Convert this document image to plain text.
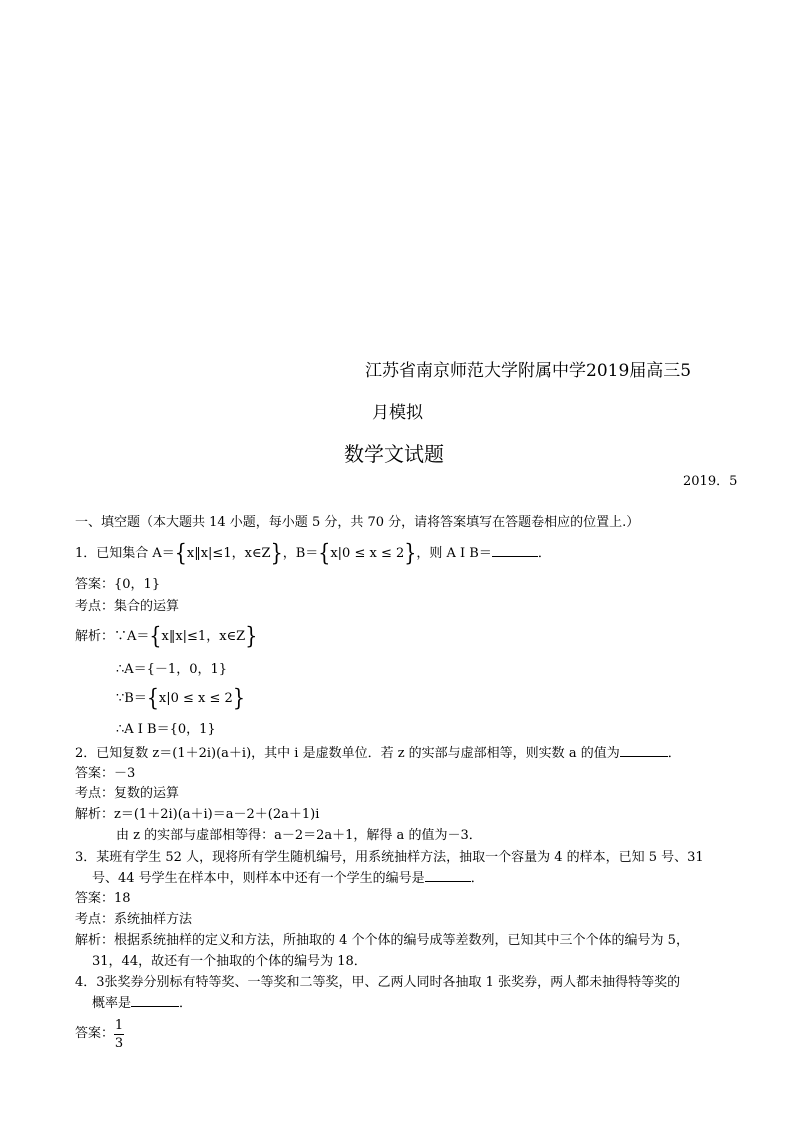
江苏省南京师范大学附属中学2019届高三5
月模拟
数学文试题
2019．5
一、填空题（本大题共 14 小题，每小题 5 分，共 70 分，请将答案填写在答题卷相应的位置上.）
1．已知集合 A＝{x‖x|≤1，x∈Z}，B＝{x|0 ≤ x ≤ 2}，则 A I B＝	．
答案：{0，1}
考点：集合的运算
解析：∵A＝{x‖x|≤1，x∈Z}
∴A＝{－1，0，1}
∵B＝{x|0 ≤ x ≤ 2}
∴A I B＝{0，1}
2．已知复数 z＝(1＋2i)(a＋i)，其中 i 是虚数单位．若 z 的实部与虚部相等，则实数 a 的值为	．
答案：－3
考点：复数的运算
解析：z＝(1＋2i)(a＋i)＝a－2＋(2a＋1)i
由 z 的实部与虚部相等得：a－2＝2a＋1，解得 a 的值为－3．
3．某班有学生 52 人，现将所有学生随机编号，用系统抽样方法，抽取一个容量为 4 的样本，已知 5 号、31
号、44 号学生在样本中，则样本中还有一个学生的编号是	．
答案：18
考点：系统抽样方法
解析：根据系统抽样的定义和方法，所抽取的 4 个个体的编号成等差数列，已知其中三个个体的编号为 5，
31，44，故还有一个抽取的个体的编号为 18．
4．3张奖券分别标有特等奖、一等奖和二等奖，甲、乙两人同时各抽取 1 张奖券，两人都未抽得特等奖的
概率是	．
答案： $\frac{1}{3}$
